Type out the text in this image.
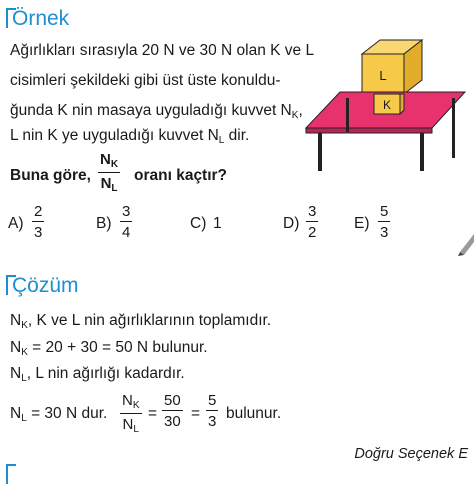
Örnek
Ağırlıkları sırasıyla 20 N ve 30 N olan K ve L
cisimleri şekildeki gibi üst üste konuldu-
ğunda K nin masaya uyguladığı kuvvet $N_K$,
L nin K ye uyguladığı kuvvet $N_L$ dir.
L
K
Buna göre,
$N_K$
$N_L$
oranı kaçtır?
A)
2
3
B)
3
4
C) 1	D)
3
2
E)
5
3
Çözüm
$N_K$, K ve L nin ağırlıklarının toplamıdır.
$N_K = 20 + 30 = 50$ N bulunur.
$N_L$, L nin ağırlığı kadardır.
$N_L = 30$ N dur.
$N_K$
$N_L$
=
50
30 =
5
3 bulunur.
Doğru Seçenek E
